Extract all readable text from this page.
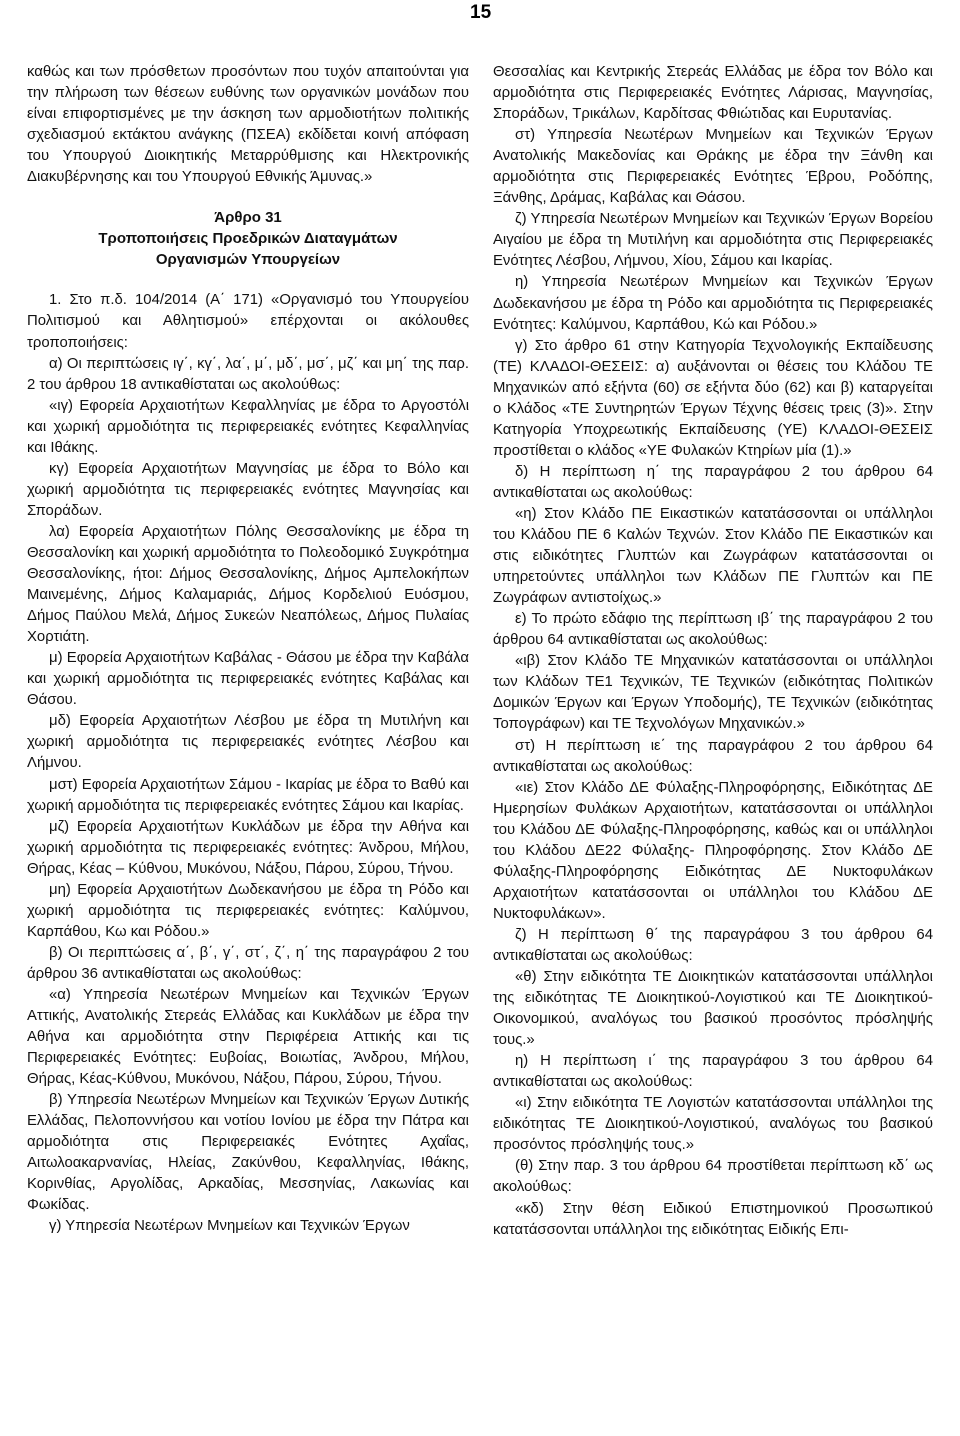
15

καθώς και των πρόσθετων προσόντων που τυχόν απαιτούνται για την πλήρωση των θέσεων ευθύνης των οργανικών μονάδων που είναι επιφορτισμένες με την άσκηση των αρμοδιοτήτων πολιτικής σχεδιασμού εκτάκτου ανάγκης (ΠΣΕΑ) εκδίδεται κοινή απόφαση του Υπουργού Διοικητικής Μεταρρύθμισης και Ηλεκτρονικής Διακυβέρνησης και του Υπουργού Εθνικής Άμυνας.»

Άρθρο 31

Τροποποιήσεις Προεδρικών Διαταγμάτων

Οργανισμών Υπουργείων

1. Στο π.δ. 104/2014 (Α΄ 171) «Οργανισμό του Υπουργείου Πολιτισμού και Αθλητισμού» επέρχονται οι ακόλουθες τροποποιήσεις:

α) Οι περιπτώσεις ιγ΄, κγ΄, λα΄, μ΄, μδ΄, μσ΄, μζ΄ και μη΄ της παρ. 2 του άρθρου 18 αντικαθίσταται ως ακολούθως:

«ιγ) Εφορεία Αρχαιοτήτων Κεφαλληνίας με έδρα το Αργοστόλι και χωρική αρμοδιότητα τις περιφερειακές ενότητες Κεφαλληνίας και Ιθάκης.

κγ) Εφορεία Αρχαιοτήτων Μαγνησίας με έδρα το Βόλο και χωρική αρμοδιότητα τις περιφερειακές ενότητες Μαγνησίας και Σποράδων.

λα) Εφορεία Αρχαιοτήτων Πόλης Θεσσαλονίκης με έδρα τη Θεσσαλονίκη και χωρική αρμοδιότητα το Πολεοδομικό Συγκρότημα Θεσσαλονίκης, ήτοι: Δήμος Θεσσαλονίκης, Δήμος Αμπελοκήπων Μαινεμένης, Δήμος Καλαμαριάς, Δήμος Κορδελιού Ευόσμου, Δήμος Παύλου Μελά, Δήμος Συκεών Νεαπόλεως, Δήμος Πυλαίας Χορτιάτη.

μ) Εφορεία Αρχαιοτήτων Καβάλας - Θάσου με έδρα την Καβάλα και χωρική αρμοδιότητα τις περιφερειακές ενότητες Καβάλας και Θάσου.

μδ) Εφορεία Αρχαιοτήτων Λέσβου με έδρα τη Μυτιλήνη και χωρική αρμοδιότητα τις περιφερειακές ενότητες Λέσβου και Λήμνου.

μστ) Εφορεία Αρχαιοτήτων Σάμου - Ικαρίας με έδρα το Βαθύ και χωρική αρμοδιότητα τις περιφερειακές ενότητες Σάμου και Ικαρίας.

μζ) Εφορεία Αρχαιοτήτων Κυκλάδων με έδρα την Αθήνα και χωρική αρμοδιότητα τις περιφερειακές ενότητες: Άνδρου, Μήλου, Θήρας, Κέας – Κύθνου, Μυκόνου, Νάξου, Πάρου, Σύρου, Τήνου.

μη) Εφορεία Αρχαιοτήτων Δωδεκανήσου με έδρα τη Ρόδο και χωρική αρμοδιότητα τις περιφερειακές ενότητες: Καλύμνου, Καρπάθου, Κω και Ρόδου.»

β) Οι περιπτώσεις α΄, β΄, γ΄, στ΄, ζ΄, η΄ της παραγράφου 2 του άρθρου 36 αντικαθίσταται ως ακολούθως:

«α) Υπηρεσία Νεωτέρων Μνημείων και Τεχνικών Έργων Αττικής, Ανατολικής Στερεάς Ελλάδας και Κυκλάδων με έδρα την Αθήνα και αρμοδιότητα στην Περιφέρεια Αττικής και τις Περιφερειακές Ενότητες: Ευβοίας, Βοιωτίας, Άνδρου, Μήλου, Θήρας, Κέας-Κύθνου, Μυκόνου, Νάξου, Πάρου, Σύρου, Τήνου.

β) Υπηρεσία Νεωτέρων Μνημείων και Τεχνικών Έργων Δυτικής Ελλάδας, Πελοποννήσου και νοτίου Ιονίου με έδρα την Πάτρα και αρμοδιότητα στις Περιφερειακές Ενότητες Αχαΐας, Αιτωλοακαρνανίας, Ηλείας, Ζακύνθου, Κεφαλληνίας, Ιθάκης, Κορινθίας, Αργολίδας, Αρκαδίας, Μεσσηνίας, Λακωνίας και Φωκίδας.

γ) Υπηρεσία Νεωτέρων Μνημείων και Τεχνικών Έργων

Θεσσαλίας και Κεντρικής Στερεάς Ελλάδας με έδρα τον Βόλο και αρμοδιότητα στις Περιφερειακές Ενότητες Λάρισας, Μαγνησίας, Σποράδων, Τρικάλων, Καρδίτσας Φθιώτιδας και Ευρυτανίας.

στ) Υπηρεσία Νεωτέρων Μνημείων και Τεχνικών Έργων Ανατολικής Μακεδονίας και Θράκης με έδρα την Ξάνθη και αρμοδιότητα στις Περιφερειακές Ενότητες Έβρου, Ροδόπης, Ξάνθης, Δράμας, Καβάλας και Θάσου.

ζ) Υπηρεσία Νεωτέρων Μνημείων και Τεχνικών Έργων Βορείου Αιγαίου με έδρα τη Μυτιλήνη και αρμοδιότητα στις Περιφερειακές Ενότητες Λέσβου, Λήμνου, Χίου, Σάμου και Ικαρίας.

η) Υπηρεσία Νεωτέρων Μνημείων και Τεχνικών Έργων Δωδεκανήσου με έδρα τη Ρόδο και αρμοδιότητα τις Περιφερειακές Ενότητες: Καλύμνου, Καρπάθου, Κώ και Ρόδου.»

γ) Στο άρθρο 61 στην Κατηγορία Τεχνολογικής Εκπαίδευσης (ΤΕ) ΚΛΑΔΟΙ-ΘΕΣΕΙΣ: α) αυξάνονται οι θέσεις του Κλάδου ΤΕ Μηχανικών από εξήντα (60) σε εξήντα δύο (62) και β) καταργείται ο Κλάδος «ΤΕ Συντηρητών Έργων Τέχνης θέσεις τρεις (3)». Στην Κατηγορία Υποχρεωτικής Εκπαίδευσης (ΥΕ) ΚΛΑΔΟΙ-ΘΕΣΕΙΣ προστίθεται ο κλάδος «ΥΕ Φυλακών Κτηρίων μία (1).»

δ) Η περίπτωση η΄ της παραγράφου 2 του άρθρου 64 αντικαθίσταται ως ακολούθως:

«η) Στον Κλάδο ΠΕ Εικαστικών κατατάσσονται οι υπάλληλοι του Κλάδου ΠΕ 6 Καλών Τεχνών. Στον Κλάδο ΠΕ Εικαστικών και στις ειδικότητες Γλυπτών και Ζωγράφων κατατάσσονται οι υπηρετούντες υπάλληλοι των Κλάδων ΠΕ Γλυπτών και ΠΕ Ζωγράφων αντιστοίχως.»

ε) Το πρώτο εδάφιο της περίπτωση ιβ΄ της παραγράφου 2 του άρθρου 64 αντικαθίσταται ως ακολούθως:

«ιβ) Στον Κλάδο ΤΕ Μηχανικών κατατάσσονται οι υπάλληλοι των Κλάδων ΤΕ1 Τεχνικών, ΤΕ Τεχνικών (ειδικότητας Πολιτικών Δομικών Έργων και Έργων Υποδομής), ΤΕ Τεχνικών (ειδικότητας Τοπογράφων) και ΤΕ Τεχνολόγων Μηχανικών.»

στ) Η περίπτωση ιε΄ της παραγράφου 2 του άρθρου 64 αντικαθίσταται ως ακολούθως:

«ιε) Στον Κλάδο ΔΕ Φύλαξης-Πληροφόρησης, Ειδικότητας ΔΕ Ημερησίων Φυλάκων Αρχαιοτήτων, κατατάσσονται οι υπάλληλοι του Κλάδου ΔΕ Φύλαξης-Πληροφόρησης, καθώς και οι υπάλληλοι του Κλάδου ΔΕ22 Φύλαξης- Πληροφόρησης. Στον Κλάδο ΔΕ Φύλαξης-Πληροφόρησης Ειδικότητας ΔΕ Νυκτοφυλάκων Αρχαιοτήτων κατατάσσονται οι υπάλληλοι του Κλάδου ΔΕ Νυκτοφυλάκων».

ζ) Η περίπτωση θ΄ της παραγράφου 3 του άρθρου 64 αντικαθίσταται ως ακολούθως:

«θ) Στην ειδικότητα ΤΕ Διοικητικών κατατάσσονται υπάλληλοι της ειδικότητας ΤΕ Διοικητικού-Λογιστικού και ΤΕ Διοικητικού-Οικονομικού, αναλόγως του βασικού προσόντος πρόσληψής τους.»

η) Η περίπτωση ι΄ της παραγράφου 3 του άρθρου 64 αντικαθίσταται ως ακολούθως:

«ι) Στην ειδικότητα ΤΕ Λογιστών κατατάσσονται υπάλληλοι της ειδικότητας ΤΕ Διοικητικού-Λογιστικού, αναλόγως του βασικού προσόντος πρόσληψής τους.»

(θ) Στην παρ. 3 του άρθρου 64 προστίθεται περίπτωση κδ΄ ως ακολούθως:

«κδ) Στην θέση Ειδικού Επιστημονικού Προσωπικού κατατάσσονται υπάλληλοι της ειδικότητας Ειδικής Επι-
